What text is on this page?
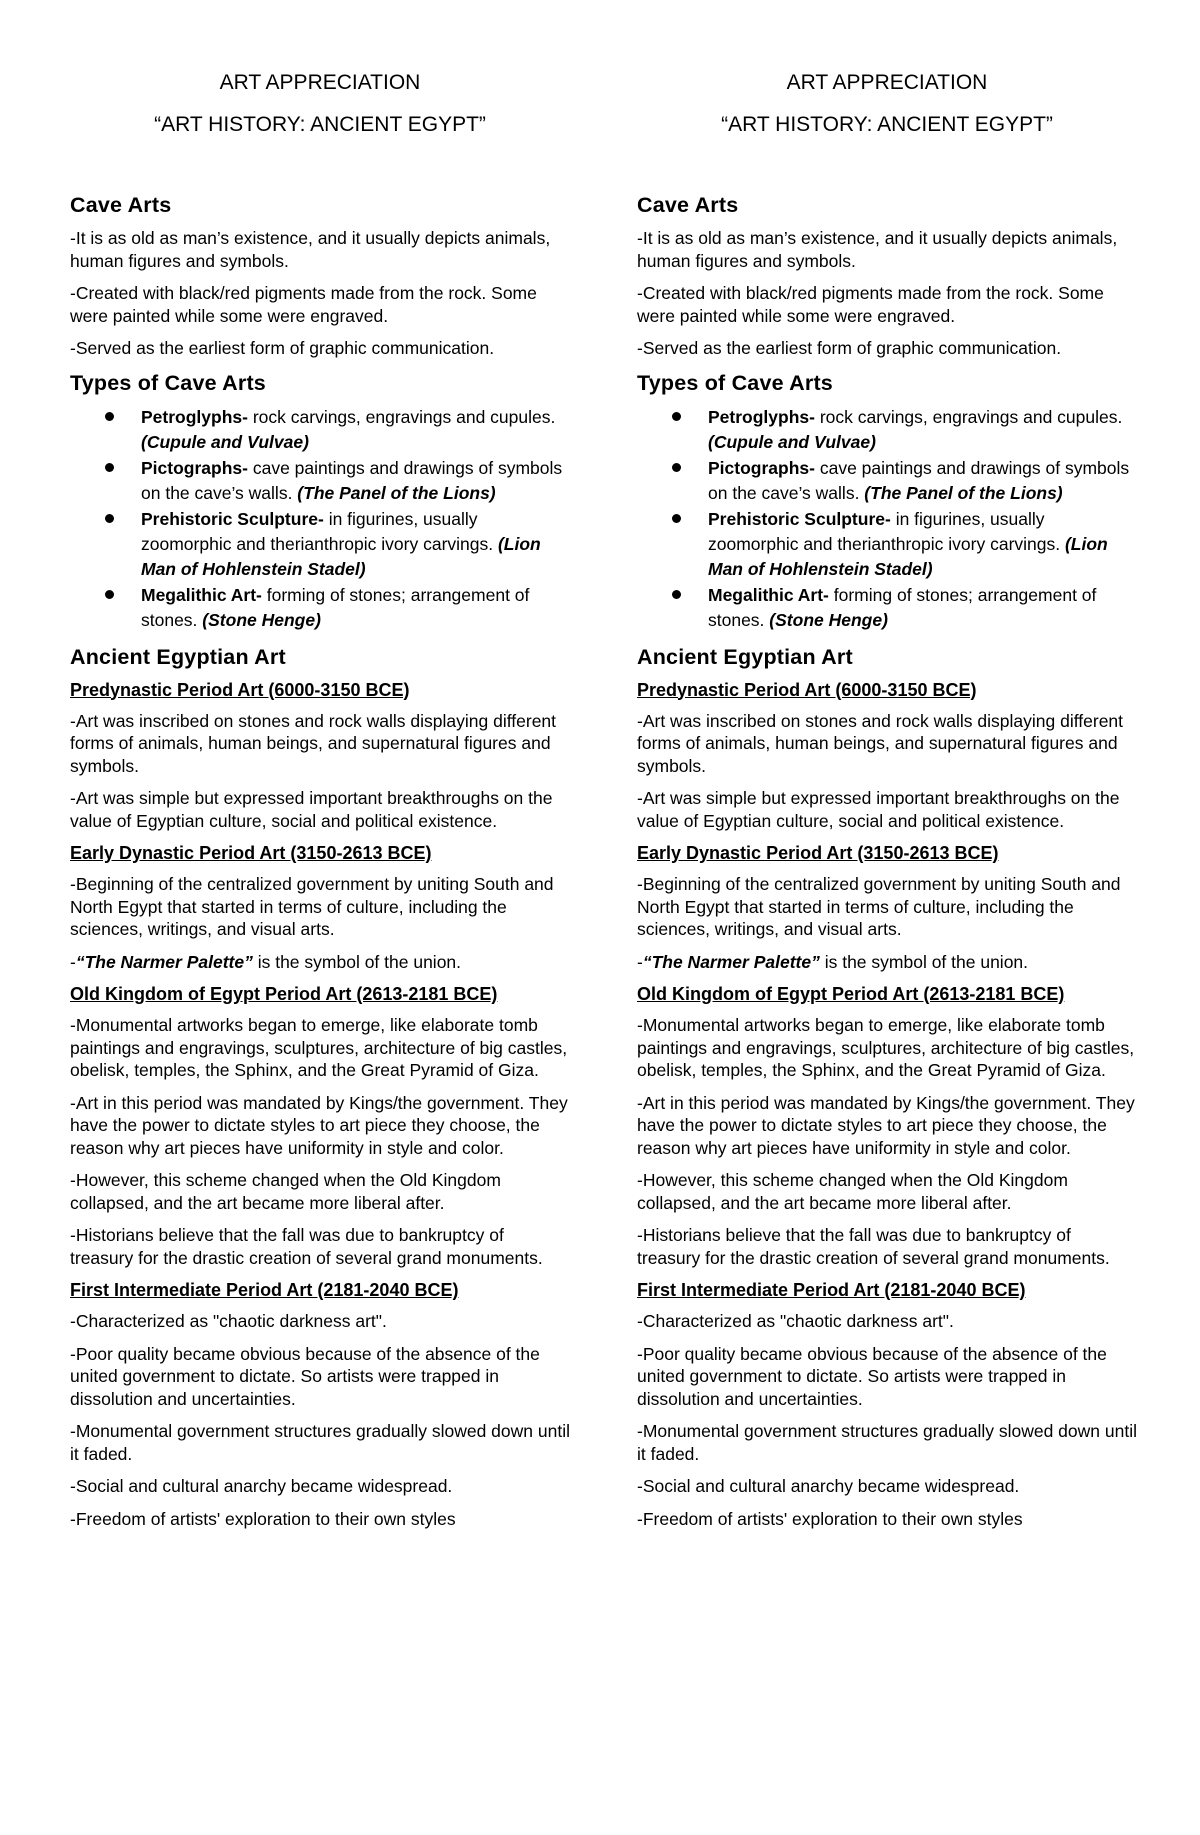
ART APPRECIATION

“ART HISTORY: ANCIENT EGYPT”

Cave Arts

-It is as old as man’s existence, and it usually depicts animals, human figures and symbols.

-Created with black/red pigments made from the rock. Some were painted while some were engraved.

-Served as the earliest form of graphic communication.

Types of Cave Arts

Petroglyphs- rock carvings, engravings and cupules. (Cupule and Vulvae)
Pictographs- cave paintings and drawings of symbols on the cave’s walls. (The Panel of the Lions)
Prehistoric Sculpture- in figurines, usually zoomorphic and therianthropic ivory carvings. (Lion Man of Hohlenstein Stadel)
Megalithic Art- forming of stones; arrangement of stones. (Stone Henge)

Ancient Egyptian Art

Predynastic Period Art (6000-3150 BCE)

-Art was inscribed on stones and rock walls displaying different forms of animals, human beings, and supernatural figures and symbols.

-Art was simple but expressed important breakthroughs on the value of Egyptian culture, social and political existence.

Early Dynastic Period Art (3150-2613 BCE)

-Beginning of the centralized government by uniting South and North Egypt that started in terms of culture, including the sciences, writings, and visual arts.

-“The Narmer Palette” is the symbol of the union.

Old Kingdom of Egypt Period Art (2613-2181 BCE)

-Monumental artworks began to emerge, like elaborate tomb paintings and engravings, sculptures, architecture of big castles, obelisk, temples, the Sphinx, and the Great Pyramid of Giza.

-Art in this period was mandated by Kings/the government. They have the power to dictate styles to art piece they choose, the reason why art pieces have uniformity in style and color.

-However, this scheme changed when the Old Kingdom collapsed, and the art became more liberal after.

-Historians believe that the fall was due to bankruptcy of treasury for the drastic creation of several grand monuments.

First Intermediate Period Art (2181-2040 BCE)

-Characterized as "chaotic darkness art".

-Poor quality became obvious because of the absence of the united government to dictate. So artists were trapped in dissolution and uncertainties.

-Monumental government structures gradually slowed down until it faded.

-Social and cultural anarchy became widespread.

-Freedom of artists' exploration to their own styles

ART APPRECIATION

“ART HISTORY: ANCIENT EGYPT”

Cave Arts

-It is as old as man’s existence, and it usually depicts animals, human figures and symbols.

-Created with black/red pigments made from the rock. Some were painted while some were engraved.

-Served as the earliest form of graphic communication.

Types of Cave Arts

Petroglyphs- rock carvings, engravings and cupules. (Cupule and Vulvae)
Pictographs- cave paintings and drawings of symbols on the cave’s walls. (The Panel of the Lions)
Prehistoric Sculpture- in figurines, usually zoomorphic and therianthropic ivory carvings. (Lion Man of Hohlenstein Stadel)
Megalithic Art- forming of stones; arrangement of stones. (Stone Henge)

Ancient Egyptian Art

Predynastic Period Art (6000-3150 BCE)

-Art was inscribed on stones and rock walls displaying different forms of animals, human beings, and supernatural figures and symbols.

-Art was simple but expressed important breakthroughs on the value of Egyptian culture, social and political existence.

Early Dynastic Period Art (3150-2613 BCE)

-Beginning of the centralized government by uniting South and North Egypt that started in terms of culture, including the sciences, writings, and visual arts.

-“The Narmer Palette” is the symbol of the union.

Old Kingdom of Egypt Period Art (2613-2181 BCE)

-Monumental artworks began to emerge, like elaborate tomb paintings and engravings, sculptures, architecture of big castles, obelisk, temples, the Sphinx, and the Great Pyramid of Giza.

-Art in this period was mandated by Kings/the government. They have the power to dictate styles to art piece they choose, the reason why art pieces have uniformity in style and color.

-However, this scheme changed when the Old Kingdom collapsed, and the art became more liberal after.

-Historians believe that the fall was due to bankruptcy of treasury for the drastic creation of several grand monuments.

First Intermediate Period Art (2181-2040 BCE)

-Characterized as "chaotic darkness art".

-Poor quality became obvious because of the absence of the united government to dictate. So artists were trapped in dissolution and uncertainties.

-Monumental government structures gradually slowed down until it faded.

-Social and cultural anarchy became widespread.

-Freedom of artists' exploration to their own styles
